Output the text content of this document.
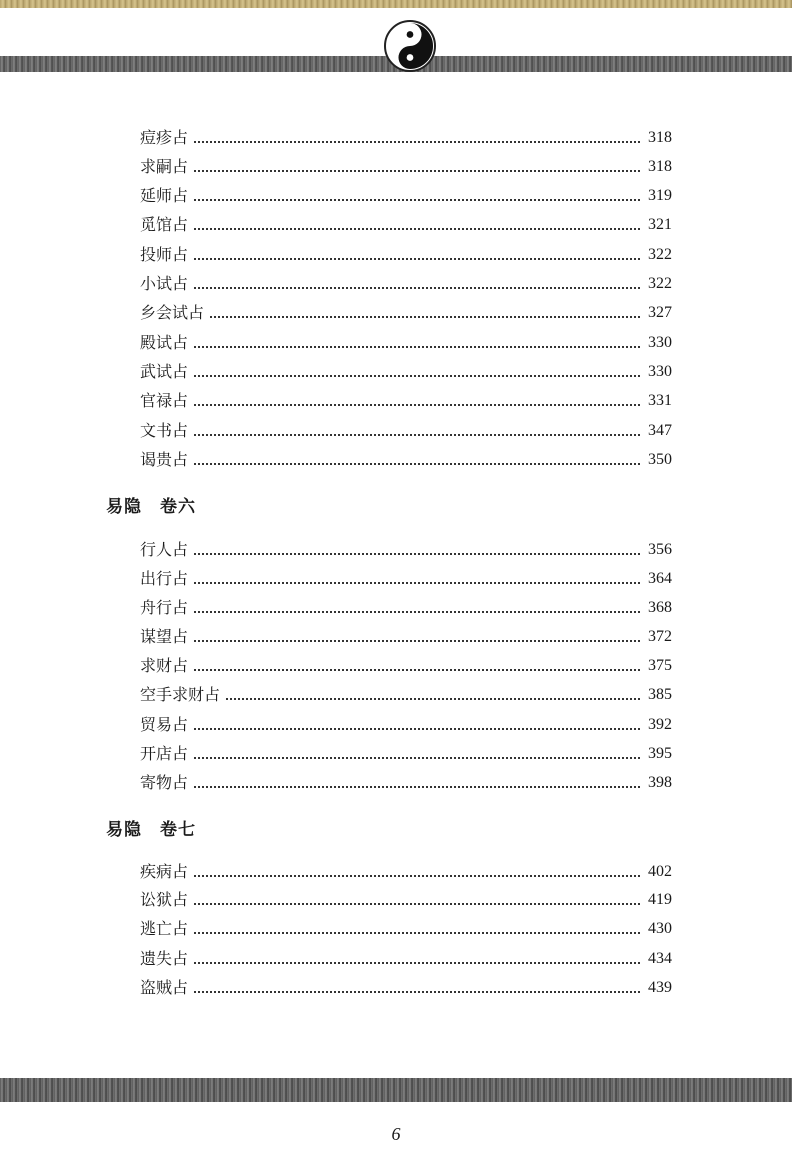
痘疹占	318
求嗣占	318
延师占	319
觅馆占	321
投师占	322
小试占	322
乡会试占	327
殿试占	330
武试占	330
官禄占	331
文书占	347
谒贵占	350
易隐　卷六
行人占	356
出行占	364
舟行占	368
谋望占	372
求财占	375
空手求财占	385
贸易占	392
开店占	395
寄物占	398
易隐　卷七
疾病占	402
讼狱占	419
逃亡占	430
遗失占	434
盗贼占	439
6
